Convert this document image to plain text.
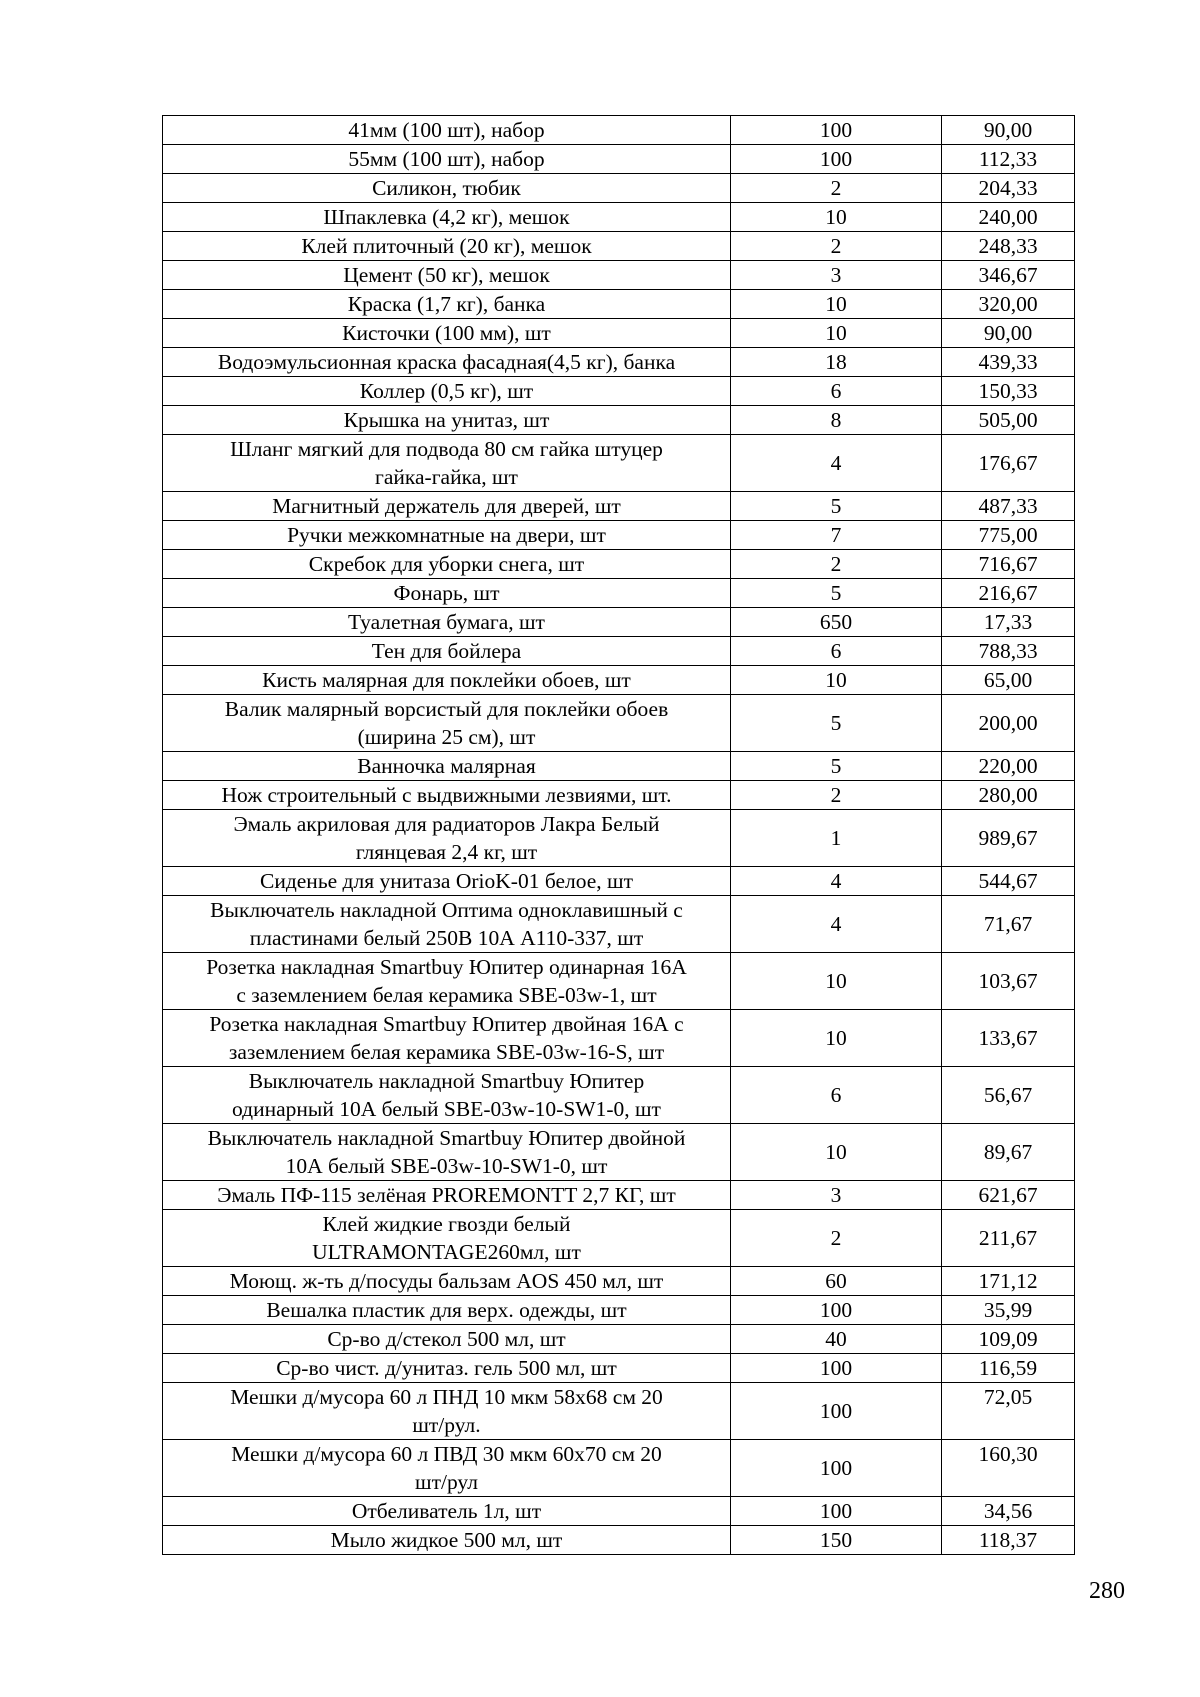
41мм (100 шт), набор	100	90,00

55мм (100 шт), набор	100	112,33

Силикон, тюбик	2	204,33

Шпаклевка (4,2 кг), мешок	10	240,00

Клей плиточный (20 кг), мешок	2	248,33

Цемент (50 кг), мешок	3	346,67

Краска (1,7 кг), банка	10	320,00

Кисточки (100 мм), шт	10	90,00

Водоэмульсионная краска фасадная(4,5 кг), банка	18	439,33

Коллер (0,5 кг), шт	6	150,33

Крышка на унитаз, шт	8	505,00

Шланг мягкий для подвода 80 см гайка штуцер
гайка-гайка, шт	4	176,67

Магнитный держатель для дверей, шт	5	487,33

Ручки межкомнатные на двери, шт	7	775,00

Скребок для уборки снега, шт	2	716,67

Фонарь, шт	5	216,67

Туалетная бумага, шт	650	17,33

Тен для бойлера	6	788,33

Кисть малярная для поклейки обоев, шт	10	65,00

Валик малярный ворсистый для поклейки обоев
(ширина 25 см), шт	5	200,00

Ванночка малярная	5	220,00

Нож строительный с выдвижными лезвиями, шт.	2	280,00

Эмаль акриловая для радиаторов Лакра Белый
глянцевая 2,4 кг, шт	1	989,67

Сиденье для унитаза OrioK-01 белое, шт	4	544,67

Выключатель накладной Оптима одноклавишный с
пластинами белый 250В 10А А110-337, шт	4	71,67

Розетка накладная Smartbuy Юпитер одинарная 16А
с заземлением белая керамика SBE-03w-1, шт	10	103,67

Розетка накладная Smartbuy Юпитер двойная 16А с
заземлением белая керамика SBE-03w-16-S, шт	10	133,67

Выключатель накладной Smartbuy Юпитер
одинарный 10А белый SBE-03w-10-SW1-0, шт	6	56,67

Выключатель накладной Smartbuy Юпитер двойной
10А белый SBE-03w-10-SW1-0, шт	10	89,67

Эмаль ПФ-115 зелёная PROREMONTT 2,7 КГ, шт	3	621,67

Клей жидкие гвозди белый
ULTRAMONTAGE260мл, шт	2	211,67

Моющ. ж-ть д/посуды бальзам AOS 450 мл, шт	60	171,12

Вешалка пластик для верх. одежды, шт	100	35,99

Ср-во д/стекол 500 мл, шт	40	109,09

Ср-во чист. д/унитаз. гель 500 мл, шт	100	116,59

Мешки д/мусора 60 л ПНД 10 мкм 58x68 см 20
шт/рул.	100	72,05

Мешки д/мусора 60 л ПВД 30 мкм 60x70 см 20
шт/рул	100	160,30

Отбеливатель 1л, шт	100	34,56

Мыло жидкое 500 мл, шт	150	118,37
280
